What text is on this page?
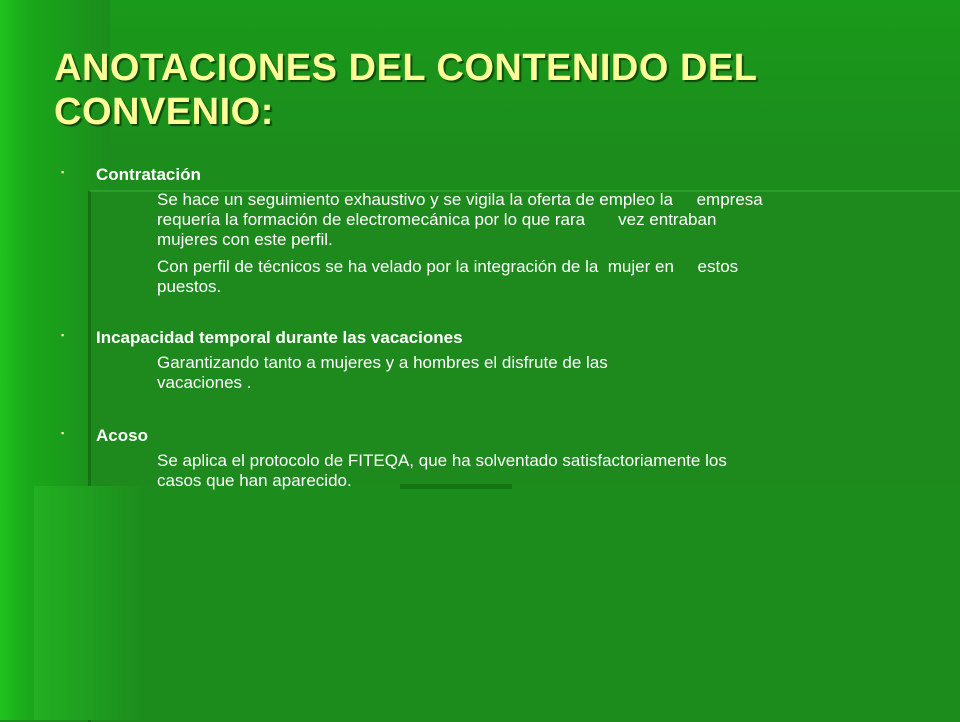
ANOTACIONES DEL CONTENIDO DEL CONVENIO:
▪ Contratación
Se hace un seguimiento exhaustivo y se vigila la oferta de empleo la     empresa
requería la formación de electromecánica por lo que rara       vez entraban
mujeres con este perfil.
Con perfil de técnicos se ha velado por la integración de la  mujer en     estos
puestos.
▪ Incapacidad temporal durante las vacaciones
Garantizando tanto a mujeres y a hombres el disfrute de las
vacaciones .
▪ Acoso
Se aplica el protocolo de FITEQA, que ha solventado satisfactoriamente los
casos que han aparecido.
